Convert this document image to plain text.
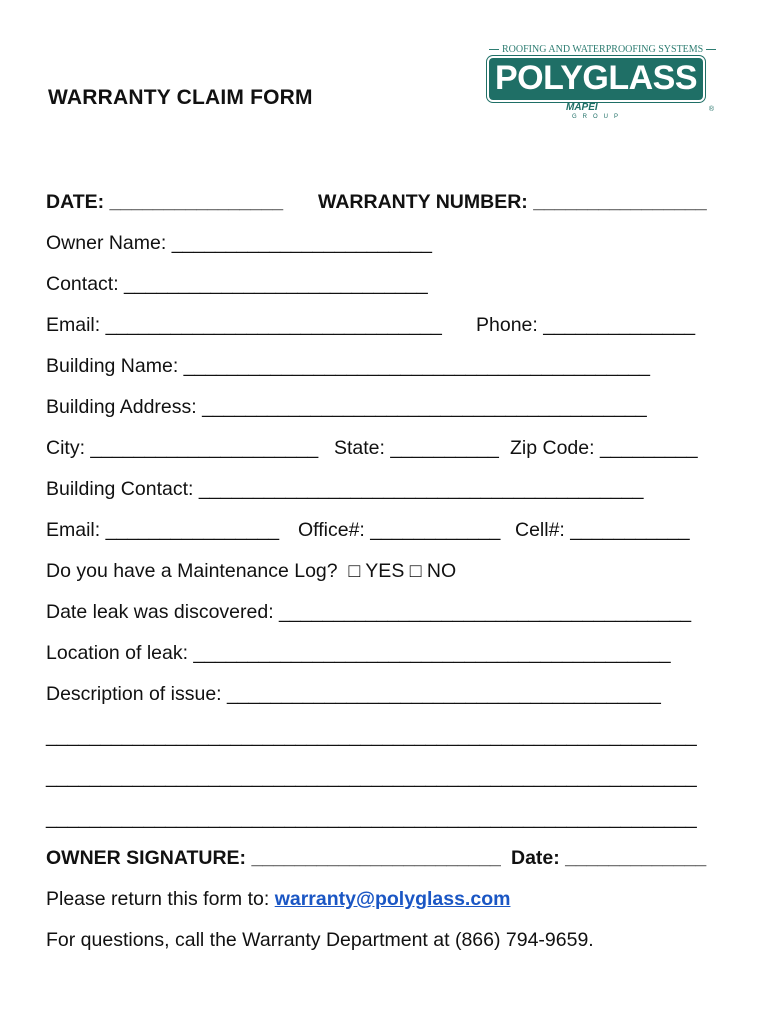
WARRANTY CLAIM FORM
ROOFING AND WATERPROOFING SYSTEMS
POLYGLASS
MAPEI
GROUP
®
DATE: ________________ WARRANTY NUMBER: ________________
Owner Name: ________________________
Contact: ____________________________
Email: _______________________________ Phone: ______________
Building Name: ___________________________________________
Building Address: _________________________________________
City: _____________________ State: __________ Zip Code: _________
Building Contact: _________________________________________
Email: ________________ Office#: ____________ Cell#: ___________
Do you have a Maintenance Log?  □ YES □ NO
Date leak was discovered: ______________________________________
Location of leak: ____________________________________________
Description of issue: ________________________________________
____________________________________________________________
____________________________________________________________
____________________________________________________________
OWNER SIGNATURE: _______________________ Date: _____________
Please return this form to: warranty@polyglass.com
For questions, call the Warranty Department at (866) 794-9659.
